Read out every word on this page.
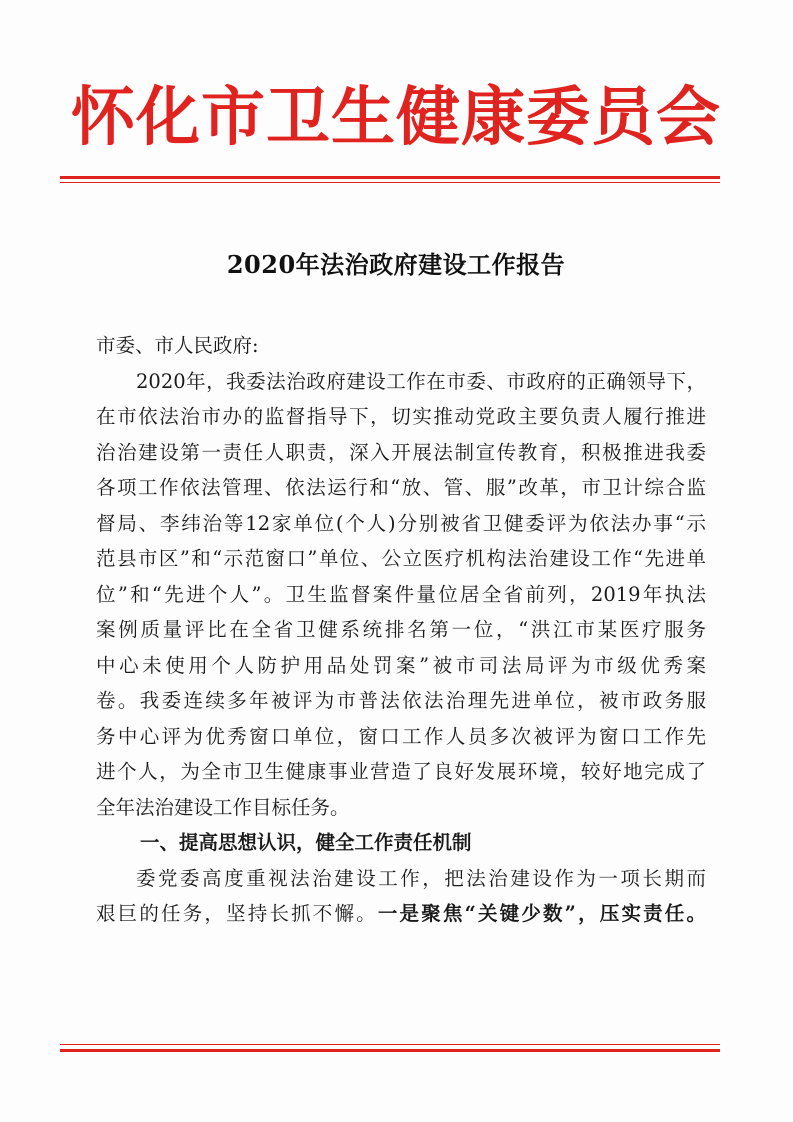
怀化市卫生健康委员会
2020年法治政府建设工作报告
市委、市人民政府:
2020年，我委法治政府建设工作在市委、市政府的正确领导下，
在市依法治市办的监督指导下，切实推动党政主要负责人履行推进
治治建设第一责任人职责，深入开展法制宣传教育，积极推进我委
各项工作依法管理、依法运行和“放、管、服”改革，市卫计综合监
督局、李纬治等12家单位(个人)分别被省卫健委评为依法办事“示
范县市区”和“示范窗口”单位、公立医疗机构法治建设工作“先进单
位”和“先进个人”。卫生监督案件量位居全省前列，2019年执法
案例质量评比在全省卫健系统排名第一位，“洪江市某医疗服务
中心未使用个人防护用品处罚案”被市司法局评为市级优秀案
卷。我委连续多年被评为市普法依法治理先进单位，被市政务服
务中心评为优秀窗口单位，窗口工作人员多次被评为窗口工作先
进个人，为全市卫生健康事业营造了良好发展环境，较好地完成了
全年法治建设工作目标任务。
一、提高思想认识，健全工作责任机制
委党委高度重视法治建设工作，把法治建设作为一项长期而
艰巨的任务，坚持长抓不懈。一是聚焦“关键少数”，压实责任。
